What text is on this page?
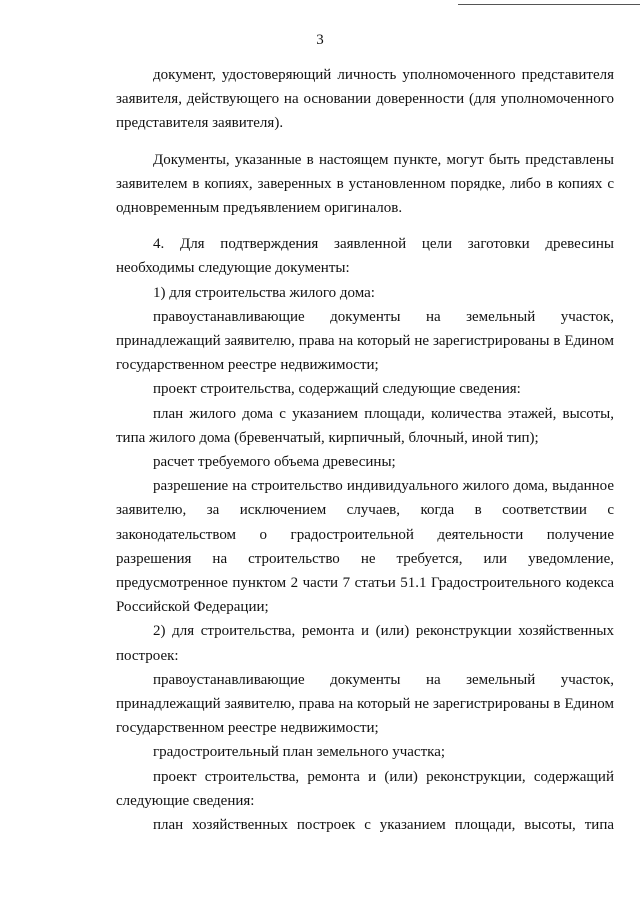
3

документ, удостоверяющий личность уполномоченного представителя заявителя, действующего на основании доверенности (для уполномоченного представителя заявителя).

Документы, указанные в настоящем пункте, могут быть представлены заявителем в копиях, заверенных в установленном порядке, либо в копиях с одновременным предъявлением оригиналов.

4. Для подтверждения заявленной цели заготовки древесины необходимы следующие документы:

1) для строительства жилого дома:

правоустанавливающие документы на земельный участок, принадлежащий заявителю, права на который не зарегистрированы в Едином государственном реестре недвижимости;

проект строительства, содержащий следующие сведения:

план жилого дома с указанием площади, количества этажей, высоты, типа жилого дома (бревенчатый, кирпичный, блочный, иной тип);

расчет требуемого объема древесины;

разрешение на строительство индивидуального жилого дома, выданное заявителю, за исключением случаев, когда в соответствии с законодательством о градостроительной деятельности получение разрешения на строительство не требуется, или уведомление, предусмотренное пунктом 2 части 7 статьи 51.1 Градостроительного кодекса Российской Федерации;

2) для строительства, ремонта и (или) реконструкции хозяйственных построек:

правоустанавливающие документы на земельный участок, принадлежащий заявителю, права на который не зарегистрированы в Едином государственном реестре недвижимости;

градостроительный план земельного участка;

проект строительства, ремонта и (или) реконструкции, содержащий следующие сведения:

план хозяйственных построек с указанием площади, высоты, типа
